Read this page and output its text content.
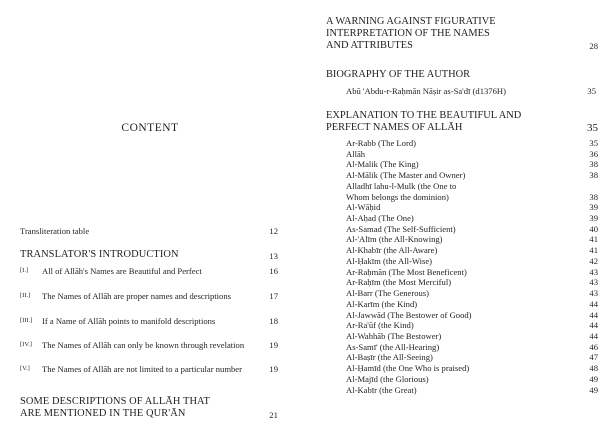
CONTENT
Transliteration table	12
TRANSLATOR'S INTRODUCTION	13
[I.]	All of Allāh's Names are Beautiful and Perfect	16
[II.]	The Names of Allāh are proper names and descriptions	17
[III.]	If a Name of Allāh points to manifold descriptions	18
[IV.]	The Names of Allāh can only be known through revelation	19
[V.]	The Names of Allāh are not limited to a particular number	19
SOME DESCRIPTIONS OF ALLĀH THAT
ARE MENTIONED IN THE QUR'ĀN	21
A WARNING AGAINST FIGURATIVE
INTERPRETATION OF THE NAMES
AND ATTRIBUTES	28
BIOGRAPHY OF THE AUTHOR
Abū 'Abdu-r-Raḥmān Nāṣir as-Sa'dī (d1376H)	35
EXPLANATION TO THE BEAUTIFUL AND
PERFECT NAMES OF ALLĀH	35
Ar-Rabb (The Lord)	35
Allāh	36
Al-Malik (The King)	38
Al-Mālik (The Master and Owner)	38
Alladhī lahu-l-Mulk (the One to
Whom belongs the dominion)	38
Al-Wāḥid	39
Al-Aḥad (The One)	39
As-Samad (The Self-Sufficient)	40
Al-'Alīm (the All-Knowing)	41
Al-Khabīr (the All-Aware)	41
Al-Ḥakīm (the All-Wise)	42
Ar-Raḥmān (The Most Beneficent)	43
Ar-Raḥīm (the Most Merciful)	43
Al-Barr (The Generous)	43
Al-Karīm (the Kind)	44
Al-Jawwād (The Bestower of Good)	44
Ar-Ra'ūf (the Kind)	44
Al-Wahhāb (The Bestower)	44
As-Samī' (the All-Hearing)	46
Al-Baṣīr (the All-Seeing)	47
Al-Ḥamīd (the One Who is praised)	48
Al-Majīd (the Glorious)	49
Al-Kabīr (the Great)	49
